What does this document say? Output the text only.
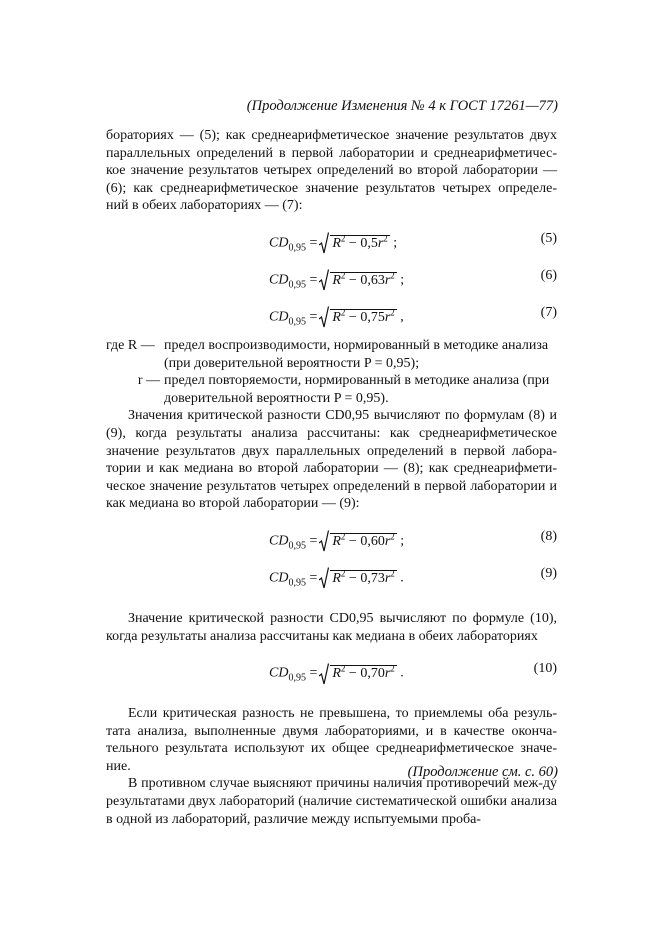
(Продолжение Изменения № 4 к ГОСТ 17261—77)

бораториях — (5); как среднеарифметическое значение результатов двух параллельных определений в первой лаборатории и среднеарифметичес-кое значение результатов четырех определений во второй лаборатории — (6); как среднеарифметическое значение результатов четырех определе-ний в обеих лабораториях — (7):

$CD_{0,95} = R^2 - 0,5r^2$ ;	(5)
$CD_{0,95} = R^2 - 0,63r^2$ ;	(6)
$CD_{0,95} = R^2 - 0,75r^2$ ,	(7)
где R — предел воспроизводимости, нормированный в методике анализа (при доверительной вероятности P = 0,95);
r — предел повторяемости, нормированный в методике анализа (при доверительной вероятности P = 0,95).

Значения критической разности CD0,95 вычисляют по формулам (8) и (9), когда результаты анализа рассчитаны: как среднеарифметическое значение результатов двух параллельных определений в первой лабора-тории и как медиана во второй лаборатории — (8); как среднеарифмети-ческое значение результатов четырех определений в первой лаборатории и как медиана во второй лаборатории — (9):

$CD_{0,95} = R^2 - 0,60r^2$ ;	(8)
$CD_{0,95} = R^2 - 0,73r^2$ .	(9)

Значение критической разности CD0,95 вычисляют по формуле (10), когда результаты анализа рассчитаны как медиана в обеих лабораториях

$CD_{0,95} = R^2 - 0,70r^2$ .	(10)

Если критическая разность не превышена, то приемлемы оба резуль-тата анализа, выполненные двумя лабораториями, и в качестве оконча-тельного результата используют их общее среднеарифметическое значе-ние.

В противном случае выясняют причины наличия противоречий меж-ду результатами двух лабораторий (наличие систематической ошибки анализа в одной из лабораторий, различие между испытуемыми проба-

(Продолжение см. с. 60)
